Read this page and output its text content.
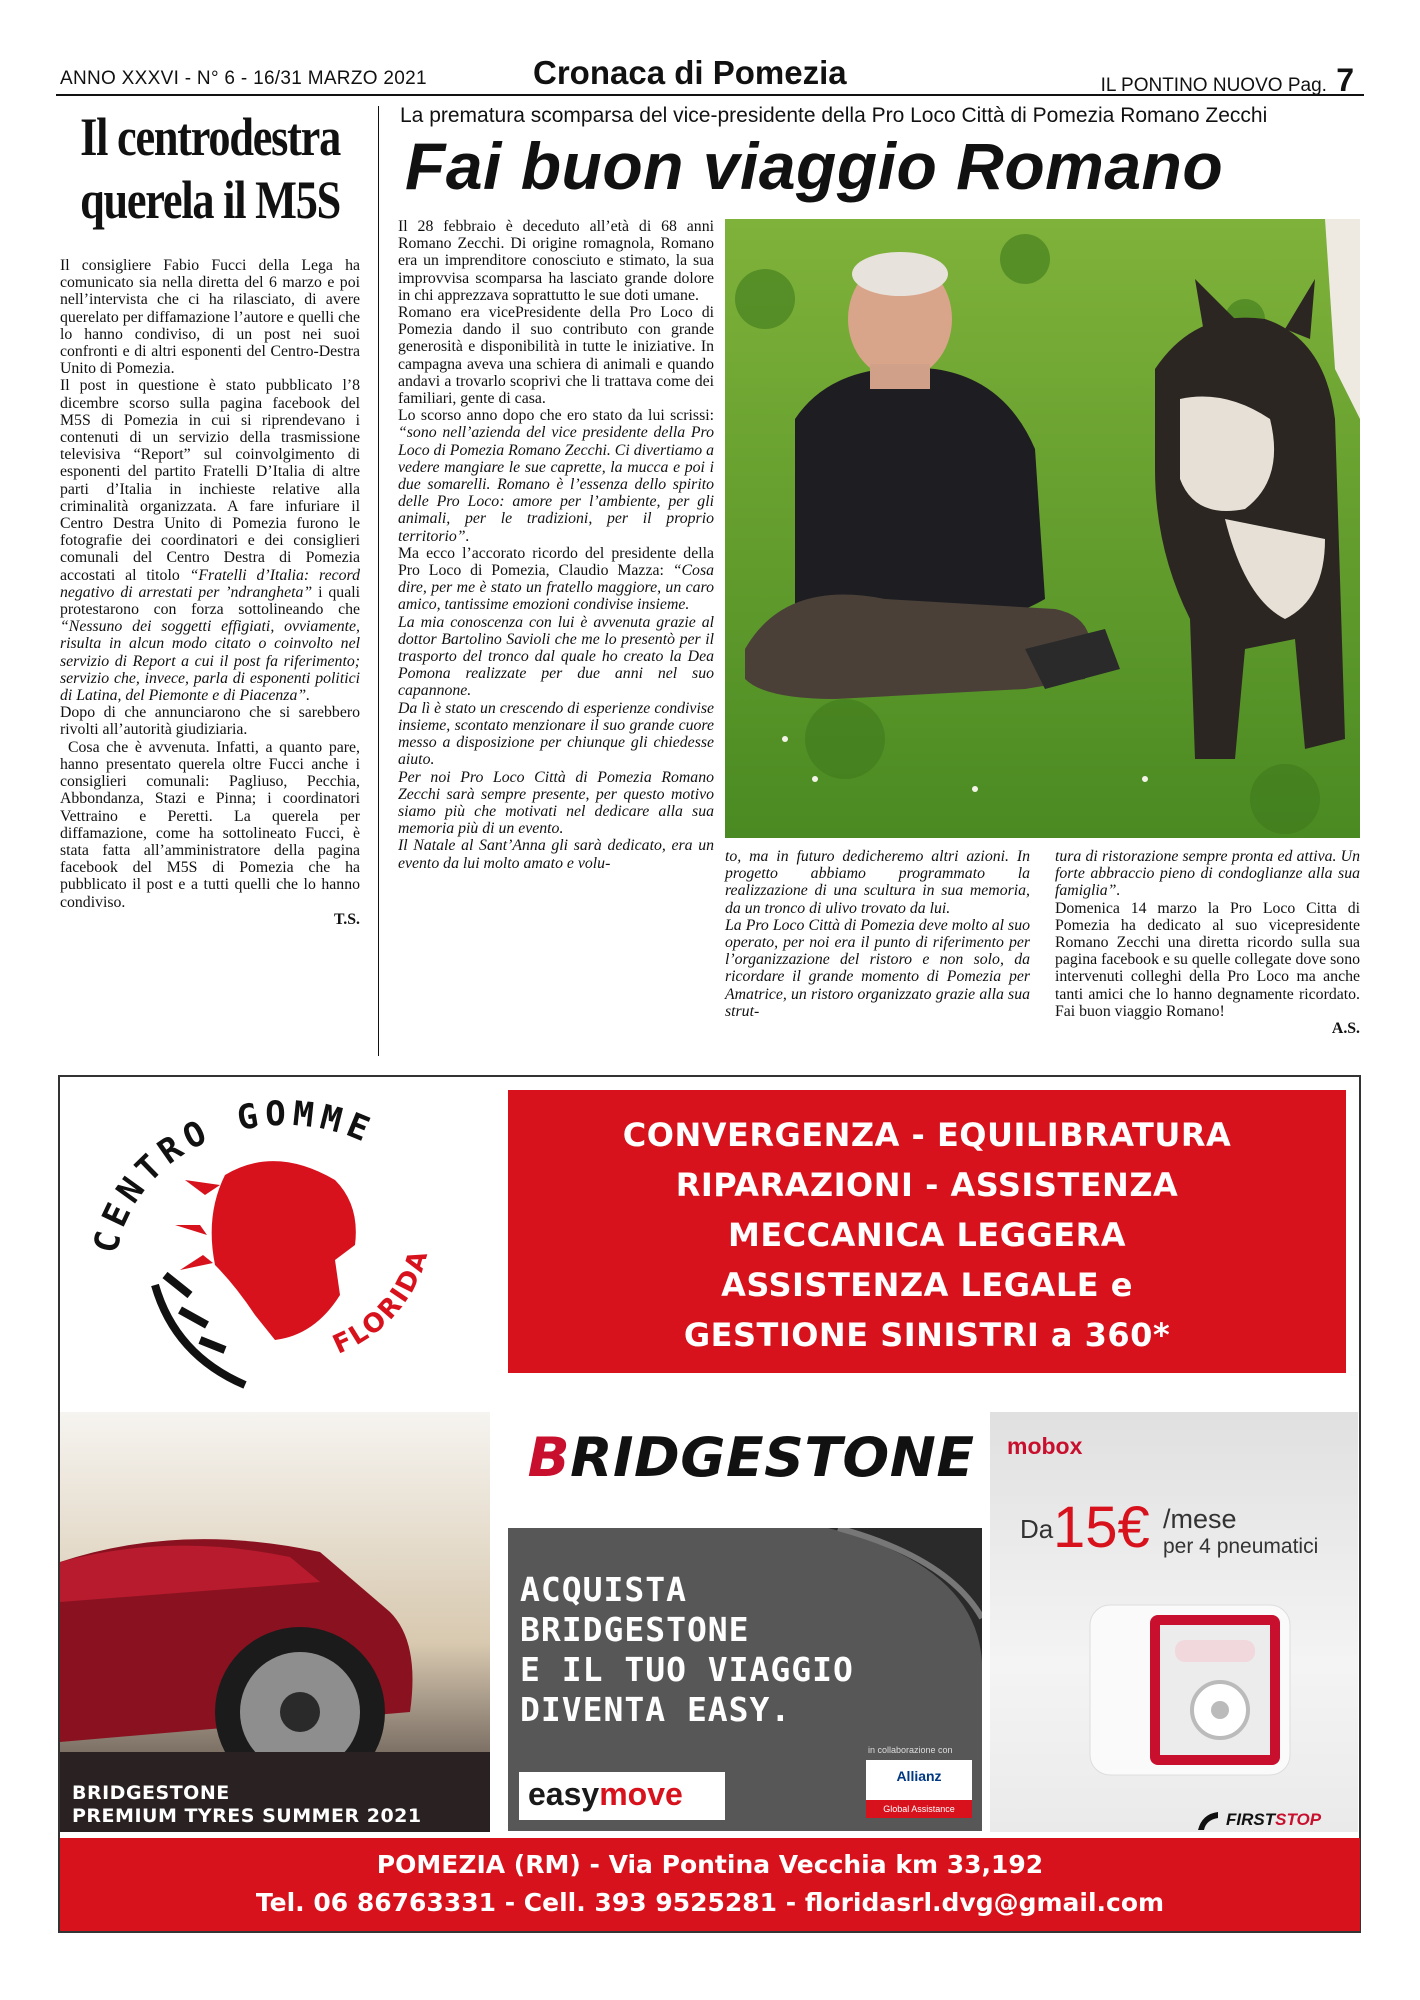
ANNO XXXVI - N° 6 - 16/31 MARZO 2021	Cronaca di Pomezia	IL PONTINO NUOVO Pag. 7
Il centrodestra
querela il M5S

Il consigliere Fabio Fucci della Lega ha comunicato sia nella diretta del 6 marzo e poi nell’intervista che ci ha rilasciato, di avere querelato per diffamazione l’autore e quelli che lo hanno condiviso, di un post nei suoi confronti e di altri esponenti del Centro-Destra Unito di Pomezia.

Il post in questione è stato pubblicato l’8 dicembre scorso sulla pagina facebook del M5S di Pomezia in cui si riprendevano i contenuti di un servizio della trasmissione televisiva “Report” sul coinvolgimento di esponenti del partito Fratelli D’Italia di altre parti d’Italia in inchieste relative alla criminalità organizzata. A fare infuriare il Centro Destra Unito di Pomezia furono le fotografie dei coordinatori e dei consiglieri comunali del Centro Destra di Pomezia accostati al titolo “Fratelli d’Italia: record negativo di arrestati per ’ndrangheta” i quali protestarono con forza sottolineando che “Nessuno dei soggetti effigiati, ovviamente, risulta in alcun modo citato o coinvolto nel servizio di Report a cui il post fa riferimento; servizio che, invece, parla di esponenti politici di Latina, del Piemonte e di Piacenza”.

Dopo di che annunciarono che si sarebbero rivolti all’autorità giudiziaria.

Cosa che è avvenuta. Infatti, a quanto pare, hanno presentato querela oltre Fucci anche i consiglieri comunali: Pagliuso, Pecchia, Abbondanza, Stazi e Pinna; i coordinatori Vettraino e Peretti. La querela per diffamazione, come ha sottolineato Fucci, è stata fatta all’amministratore della pagina facebook del M5S di Pomezia che ha pubblicato il post e a tutti quelli che lo hanno condiviso.

T.S.

La prematura scomparsa del vice-presidente della Pro Loco Città di Pomezia Romano Zecchi
Fai buon viaggio Romano

Il 28 febbraio è deceduto all’età di 68 anni Romano Zecchi. Di origine romagnola, Romano era un imprenditore conosciuto e stimato, la sua improvvisa scomparsa ha lasciato grande dolore in chi apprezzava soprattutto le sue doti umane.

Romano era vicePresidente della Pro Loco di Pomezia dando il suo contributo con grande generosità e disponibilità in tutte le iniziative. In campagna aveva una schiera di animali e quando andavi a trovarlo scoprivi che li trattava come dei familiari, gente di casa.

Lo scorso anno dopo che ero stato da lui scrissi: “sono nell’azienda del vice presidente della Pro Loco di Pomezia Romano Zecchi. Ci divertiamo a vedere mangiare le sue caprette, la mucca e poi i due somarelli. Romano è l’essenza dello spirito delle Pro Loco: amore per l’ambiente, per gli animali, per le tradizioni, per il proprio territorio”.

Ma ecco l’accorato ricordo del presidente della Pro Loco di Pomezia, Claudio Mazza: “Cosa dire, per me è stato un fratello maggiore, un caro amico, tantissime emozioni condivise insieme.

La mia conoscenza con lui è avvenuta grazie al dottor Bartolino Savioli che me lo presentò per il trasporto del tronco dal quale ho creato la Dea Pomona realizzate per due anni nel suo capannone.

Da lì è stato un crescendo di esperienze condivise insieme, scontato menzionare il suo grande cuore messo a disposizione per chiunque gli chiedesse aiuto.

Per noi Pro Loco Città di Pomezia Romano Zecchi sarà sempre presente, per questo motivo siamo più che motivati nel dedicare alla sua memoria più di un evento.

Il Natale al Sant’Anna gli sarà dedicato, era un evento da lui molto amato e volu-	to, ma in futuro dedicheremo altri azioni. In progetto abbiamo programmato la realizzazione di una scultura in sua memoria, da un tronco di ulivo trovato da lui.

La Pro Loco Città di Pomezia deve molto al suo operato, per noi era il punto di riferimento per l’organizzazione del ristoro e non solo, da ricordare il grande momento di Pomezia per Amatrice, un ristoro organizzato grazie alla sua strut-

tura di ristorazione sempre pronta ed attiva. Un forte abbraccio pieno di condoglianze alla sua famiglia”.

Domenica 14 marzo la Pro Loco Citta di Pomezia ha dedicato al suo vicepresidente Romano Zecchi una diretta ricordo sulla sua pagina facebook e su quelle collegate dove sono intervenuti colleghi della Pro Loco ma anche tanti amici che lo hanno degnamente ricordato. Fai buon viaggio Romano!

A.S.

CENTRO GOMME
FLORIDA
CONVERGENZA - EQUILIBRATURA
RIPARAZIONI - ASSISTENZA
MECCANICA LEGGERA
ASSISTENZA LEGALE e
GESTIONE SINISTRI a 360*
BRIDGESTONE
PREMIUM TYRES SUMMER 2021
BRIDGESTONE
ACQUISTA
BRIDGESTONE
E IL TUO VIAGGIO
DIVENTA EASY.
easymove
in collaborazione con
Allianz
Global Assistance
mobox
Da 15€ /mese
per 4 pneumatici
FIRSTSTOP
POMEZIA (RM) - Via Pontina Vecchia km 33,192
Tel. 06 86763331 - Cell. 393 9525281 - floridasrl.dvg@gmail.com
